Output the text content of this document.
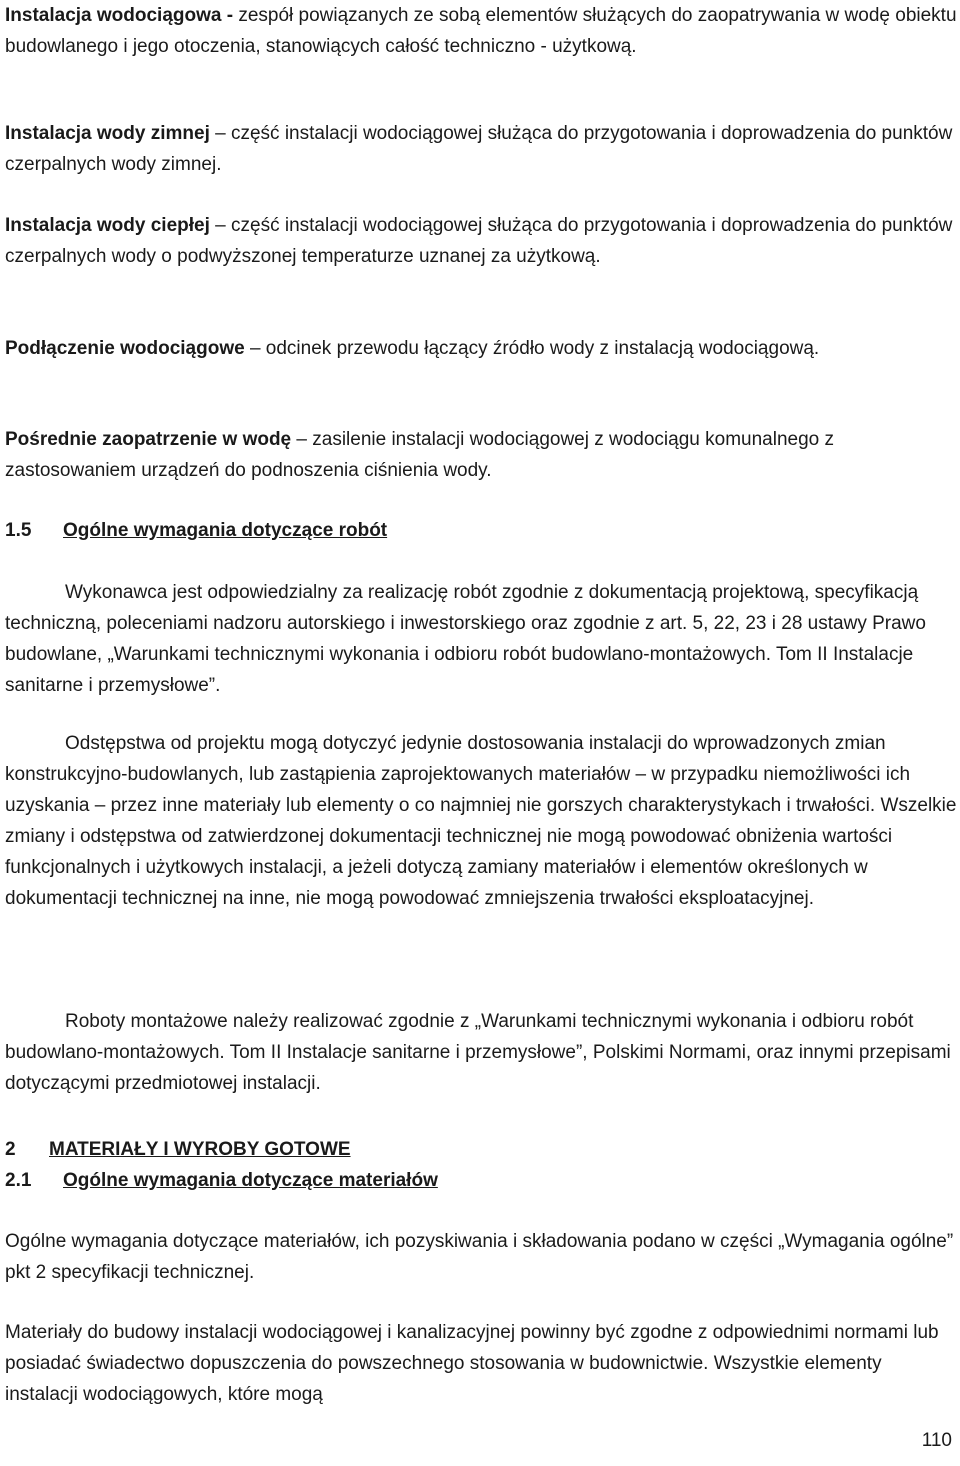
Instalacja wodociągowa - zespół powiązanych ze sobą elementów służących do zaopatrywania w wodę obiektu budowlanego i jego otoczenia, stanowiących całość techniczno - użytkową.

Instalacja wody zimnej – część instalacji wodociągowej służąca do przygotowania i doprowadzenia do punktów czerpalnych wody zimnej.

Instalacja wody ciepłej – część instalacji wodociągowej służąca do przygotowania i doprowadzenia do punktów czerpalnych wody o podwyższonej temperaturze uznanej za użytkową.

Podłączenie wodociągowe – odcinek przewodu łączący źródło wody z instalacją wodociągową.

Pośrednie zaopatrzenie w wodę – zasilenie instalacji wodociągowej z wodociągu komunalnego z zastosowaniem urządzeń do podnoszenia ciśnienia wody.

1.5 Ogólne wymagania dotyczące robót

Wykonawca jest odpowiedzialny za realizację robót zgodnie z dokumentacją projektową, specyfikacją techniczną, poleceniami nadzoru autorskiego i inwestorskiego oraz zgodnie z art. 5, 22, 23 i 28 ustawy Prawo budowlane, „Warunkami technicznymi wykonania i odbioru robót budowlano-montażowych. Tom II Instalacje sanitarne i przemysłowe”.

Odstępstwa od projektu mogą dotyczyć jedynie dostosowania instalacji do wprowadzonych zmian konstrukcyjno-budowlanych, lub zastąpienia zaprojektowanych materiałów – w przypadku niemożliwości ich uzyskania – przez inne materiały lub elementy o co najmniej nie gorszych charakterystykach i trwałości. Wszelkie zmiany i odstępstwa od zatwierdzonej dokumentacji technicznej nie mogą powodować obniżenia wartości funkcjonalnych i użytkowych instalacji, a jeżeli dotyczą zamiany materiałów i elementów określonych w dokumentacji technicznej na inne, nie mogą powodować zmniejszenia trwałości eksploatacyjnej.

Roboty montażowe należy realizować zgodnie z „Warunkami technicznymi wykonania i odbioru robót budowlano-montażowych. Tom II Instalacje sanitarne i przemysłowe”, Polskimi Normami, oraz innymi przepisami dotyczącymi przedmiotowej instalacji.

2 MATERIAŁY I WYROBY GOTOWE
2.1 Ogólne wymagania dotyczące materiałów

Ogólne wymagania dotyczące materiałów, ich pozyskiwania i składowania podano w części „Wymagania ogólne” pkt 2 specyfikacji technicznej.

Materiały do budowy instalacji wodociągowej i kanalizacyjnej powinny być zgodne z odpowiednimi normami lub posiadać świadectwo dopuszczenia do powszechnego stosowania w budownictwie. Wszystkie elementy instalacji wodociągowych, które mogą

110
